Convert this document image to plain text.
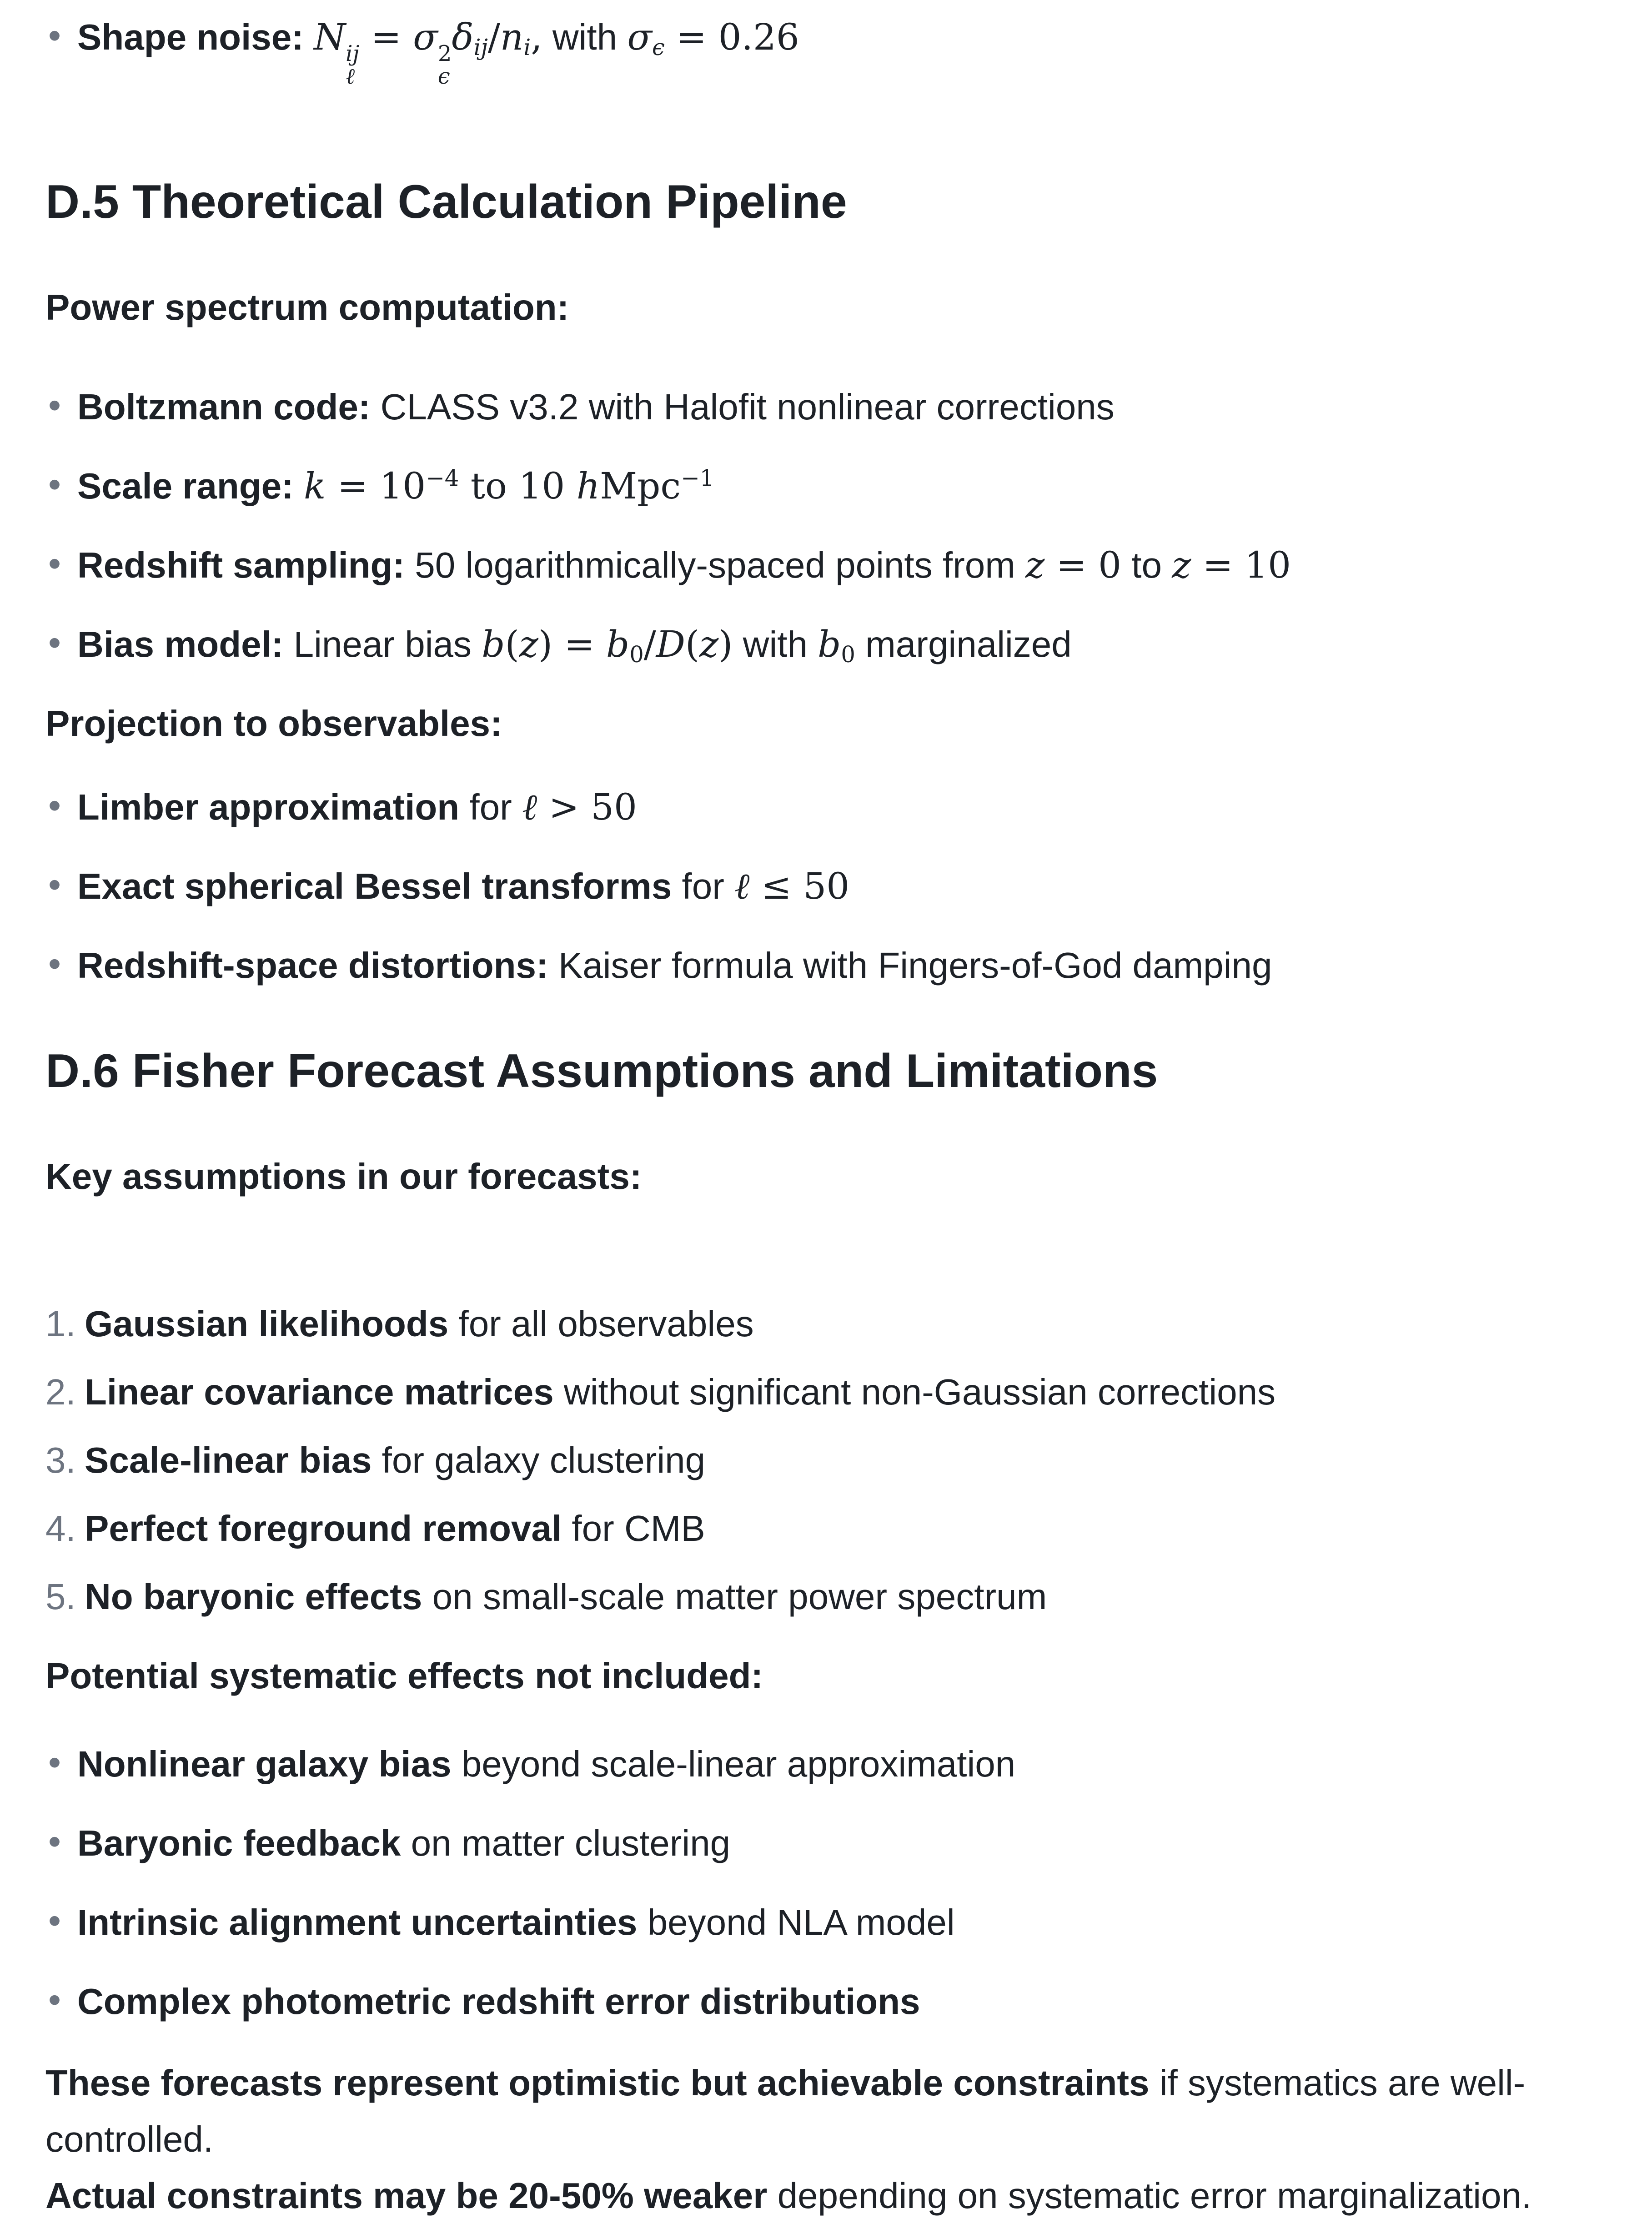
• Shape noise: N ij
ℓ
= σ 2
ϵ
δij/ni, with σϵ = 0.26
D.5 Theoretical Calculation Pipeline

Power spectrum computation:

• Boltzmann code: CLASS v3.2 with Halofit nonlinear corrections
• Scale range: $k = 10^{-4}$ to 10 hMpc$^{-1}$
• Redshift sampling: 50 logarithmically-spaced points from z = 0 to z = 10
• Bias model: Linear bias b(z) = b0/D(z) with b0 marginalized

Projection to observables:

• Limber approximation for ℓ > 50
• Exact spherical Bessel transforms for ℓ ≤ 50
• Redshift-space distortions: Kaiser formula with Fingers-of-God damping
D.6 Fisher Forecast Assumptions and Limitations

Key assumptions in our forecasts:

1. Gaussian likelihoods for all observables
2. Linear covariance matrices without significant non-Gaussian corrections
3. Scale-linear bias for galaxy clustering
4. Perfect foreground removal for CMB
5. No baryonic effects on small-scale matter power spectrum

Potential systematic effects not included:

• Nonlinear galaxy bias beyond scale-linear approximation
• Baryonic feedback on matter clustering
• Intrinsic alignment uncertainties beyond NLA model
• Complex photometric redshift error distributions

These forecasts represent optimistic but achievable constraints if systematics are well-controlled.

Actual constraints may be 20-50% weaker depending on systematic error marginalization.
